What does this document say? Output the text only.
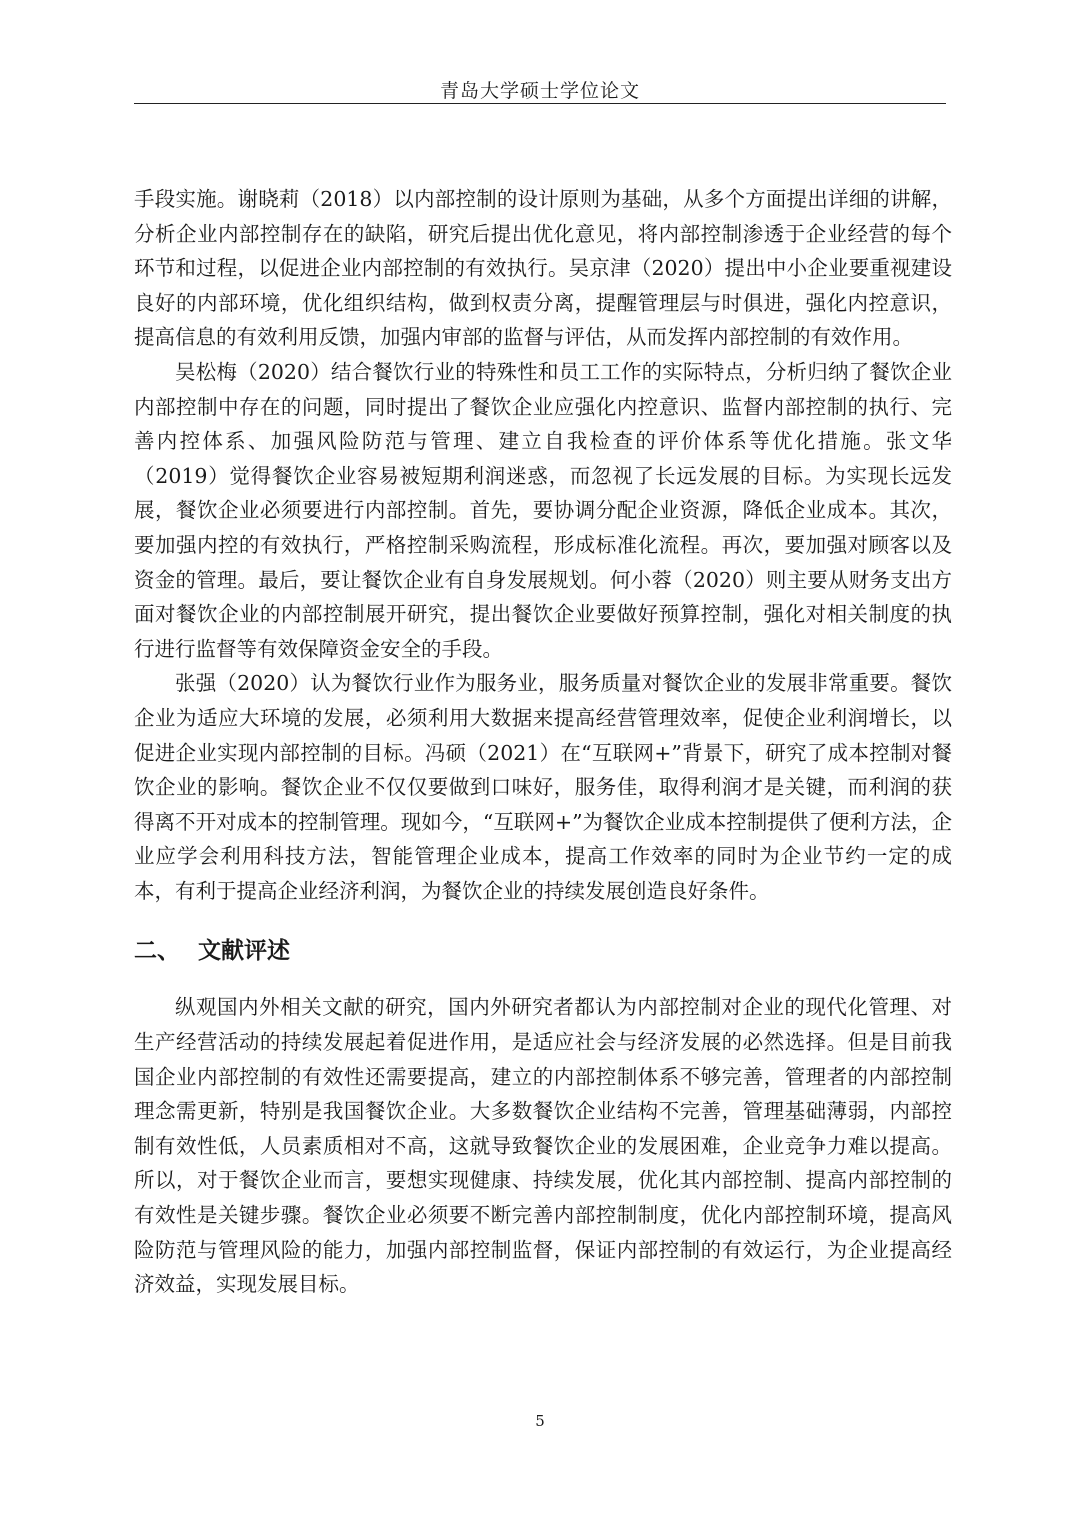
青岛大学硕士学位论文

手段实施。谢晓莉（2018）以内部控制的设计原则为基础，从多个方面提出详细的讲解，分析企业内部控制存在的缺陷，研究后提出优化意见，将内部控制渗透于企业经营的每个环节和过程，以促进企业内部控制的有效执行。吴京津（2020）提出中小企业要重视建设良好的内部环境，优化组织结构，做到权责分离，提醒管理层与时俱进，强化内控意识，提高信息的有效利用反馈，加强内审部的监督与评估，从而发挥内部控制的有效作用。

吴松梅（2020）结合餐饮行业的特殊性和员工工作的实际特点，分析归纳了餐饮企业内部控制中存在的问题，同时提出了餐饮企业应强化内控意识、监督内部控制的执行、完善内控体系、加强风险防范与管理、建立自我检查的评价体系等优化措施。张文华（2019）觉得餐饮企业容易被短期利润迷惑，而忽视了长远发展的目标。为实现长远发展，餐饮企业必须要进行内部控制。首先，要协调分配企业资源，降低企业成本。其次，要加强内控的有效执行，严格控制采购流程，形成标准化流程。再次，要加强对顾客以及资金的管理。最后，要让餐饮企业有自身发展规划。何小蓉（2020）则主要从财务支出方面对餐饮企业的内部控制展开研究，提出餐饮企业要做好预算控制，强化对相关制度的执行进行监督等有效保障资金安全的手段。

张强（2020）认为餐饮行业作为服务业，服务质量对餐饮企业的发展非常重要。餐饮企业为适应大环境的发展，必须利用大数据来提高经营管理效率，促使企业利润增长，以促进企业实现内部控制的目标。冯硕（2021）在“互联网+”背景下，研究了成本控制对餐饮企业的影响。餐饮企业不仅仅要做到口味好，服务佳，取得利润才是关键，而利润的获得离不开对成本的控制管理。现如今，“互联网+”为餐饮企业成本控制提供了便利方法，企业应学会利用科技方法，智能管理企业成本，提高工作效率的同时为企业节约一定的成本，有利于提高企业经济利润，为餐饮企业的持续发展创造良好条件。

二、 文献评述

纵观国内外相关文献的研究，国内外研究者都认为内部控制对企业的现代化管理、对生产经营活动的持续发展起着促进作用，是适应社会与经济发展的必然选择。但是目前我国企业内部控制的有效性还需要提高，建立的内部控制体系不够完善，管理者的内部控制理念需更新，特别是我国餐饮企业。大多数餐饮企业结构不完善，管理基础薄弱，内部控制有效性低，人员素质相对不高，这就导致餐饮企业的发展困难，企业竞争力难以提高。所以，对于餐饮企业而言，要想实现健康、持续发展，优化其内部控制、提高内部控制的有效性是关键步骤。餐饮企业必须要不断完善内部控制制度，优化内部控制环境，提高风险防范与管理风险的能力，加强内部控制监督，保证内部控制的有效运行，为企业提高经济效益，实现发展目标。

5
